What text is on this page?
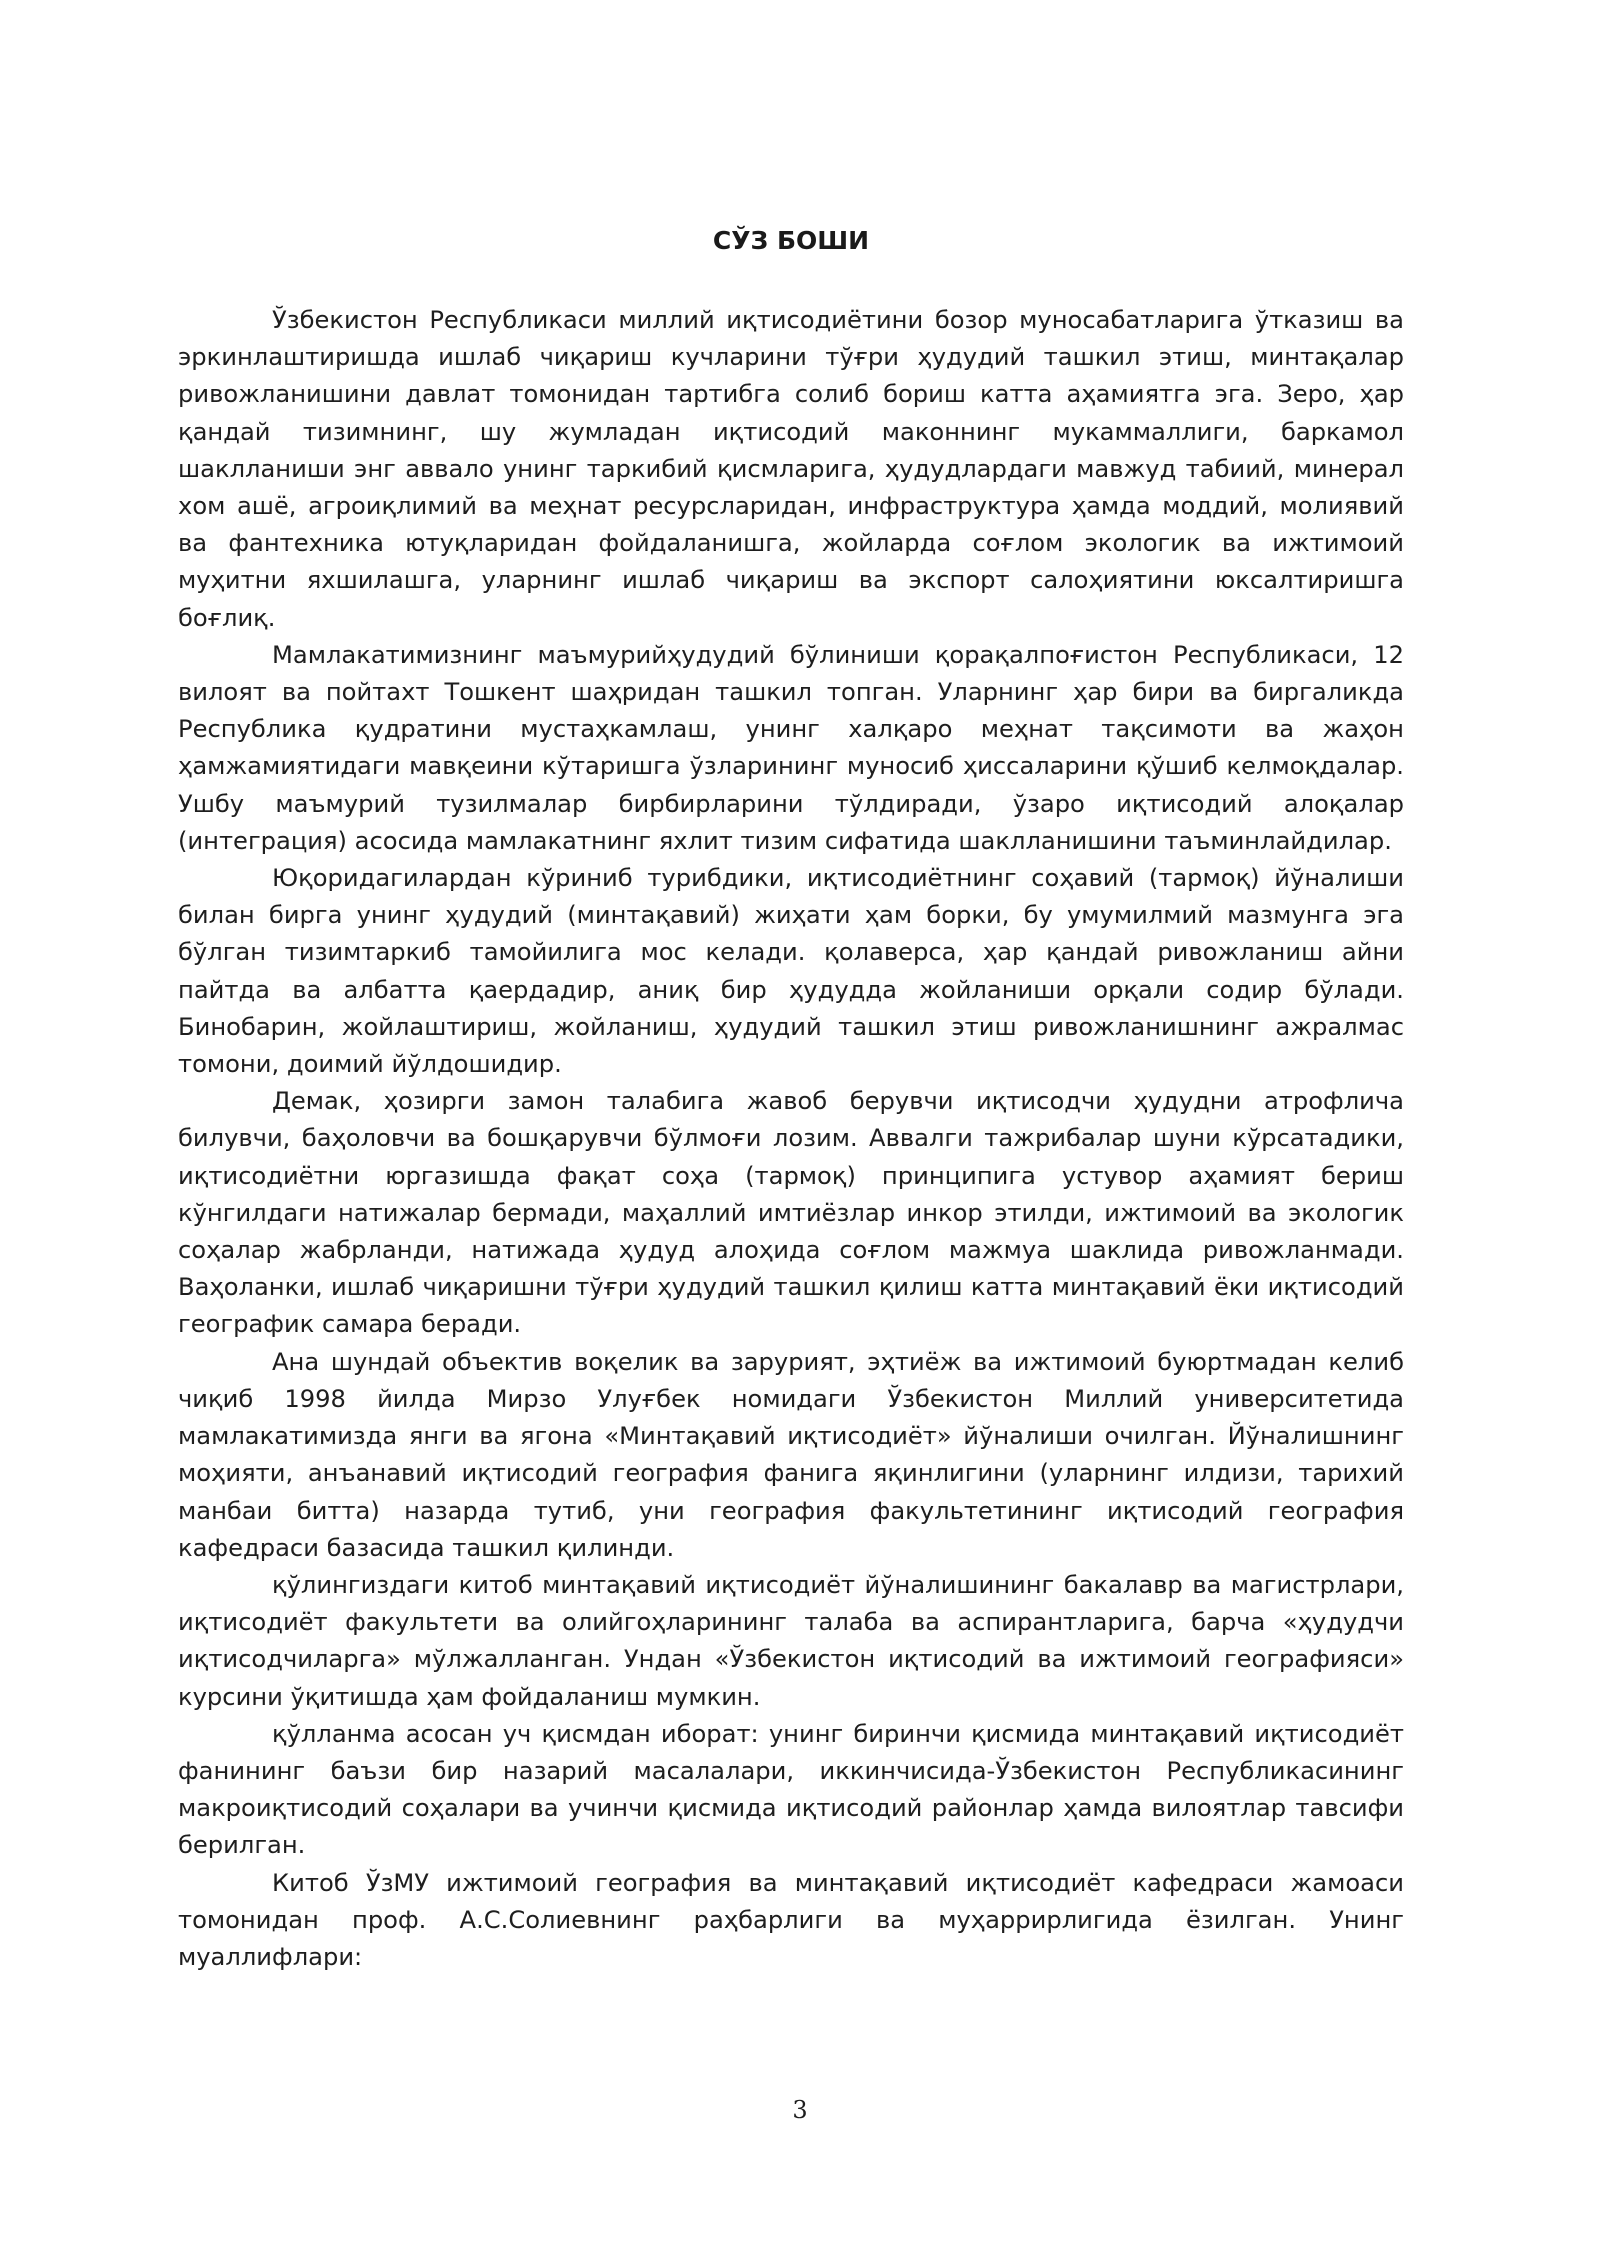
СЎЗ БОШИ

Ўзбекистон Республикаси миллий иқтисодиётини бозор муносабатларига ўтказиш ва эркинлаштиришда ишлаб чиқариш кучларини тўғри ҳудудий ташкил этиш, минтақалар ривожланишини давлат томонидан тартибга солиб бориш катта аҳамиятга эга. Зеро, ҳар қандай тизимнинг, шу жумладан иқтисодий маконнинг мукаммаллиги, баркамол шаклланиши энг аввало унинг таркибий қисмларига, ҳудудлардаги мавжуд табиий, минерал хом ашё, агроиқлимий ва меҳнат ресурсларидан, инфраструктура ҳамда моддий, молиявий ва фантехника ютуқларидан фойдаланишга, жойларда соғлом экологик ва ижтимоий муҳитни яхшилашга, уларнинг ишлаб чиқариш ва экспорт салоҳиятини юксалтиришга боғлиқ.

Мамлакатимизнинг маъмурийҳудудий бўлиниши қорақалпоғистон Республикаси, 12 вилоят ва пойтахт Тошкент шаҳридан ташкил топган. Уларнинг ҳар бири ва биргаликда Республика қудратини мустаҳкамлаш, унинг халқаро меҳнат тақсимоти ва жаҳон ҳамжамиятидаги мавқеини кўтаришга ўзларининг муносиб ҳиссаларини қўшиб келмоқдалар. Ушбу маъмурий тузилмалар бирбирларини тўлдиради, ўзаро иқтисодий алоқалар (интеграция) асосида мамлакатнинг яхлит тизим сифатида шаклланишини таъминлайдилар.

Юқоридагилардан кўриниб турибдики, иқтисодиётнинг соҳавий (тармоқ) йўналиши билан бирга унинг ҳудудий (минтақавий) жиҳати ҳам борки, бу умумилмий мазмунга эга бўлган тизимтаркиб тамойилига мос келади. қолаверса, ҳар қандай ривожланиш айни пайтда ва албатта қаердадир, аниқ бир ҳудудда жойланиши орқали содир бўлади. Бинобарин, жойлаштириш, жойланиш, ҳудудий ташкил этиш ривожланишнинг ажралмас томони, доимий йўлдошидир.

Демак, ҳозирги замон талабига жавоб берувчи иқтисодчи ҳудудни атрофлича билувчи, баҳоловчи ва бошқарувчи бўлмоғи лозим. Аввалги тажрибалар шуни кўрсатадики, иқтисодиётни юргазишда фақат соҳа (тармоқ) принципига устувор аҳамият бериш кўнгилдаги натижалар бермади, маҳаллий имтиёзлар инкор этилди, ижтимоий ва экологик соҳалар жабрланди, натижада ҳудуд алоҳида соғлом мажмуа шаклида ривожланмади. Ваҳоланки, ишлаб чиқаришни тўғри ҳудудий ташкил қилиш катта минтақавий ёки иқтисодий географик самара беради.

Ана шундай объектив воқелик ва зарурият, эҳтиёж ва ижтимоий буюртмадан келиб чиқиб 1998 йилда Мирзо Улуғбек номидаги Ўзбекистон Миллий университетида мамлакатимизда янги ва ягона «Минтақавий иқтисодиёт» йўналиши очилган. Йўналишнинг моҳияти, анъанавий иқтисодий география фанига яқинлигини (уларнинг илдизи, тарихий манбаи битта) назарда тутиб, уни география факультетининг иқтисодий география кафедраси базасида ташкил қилинди.

қўлингиздаги китоб минтақавий иқтисодиёт йўналишининг бакалавр ва магистрлари, иқтисодиёт факультети ва олийгоҳларининг талаба ва аспирантларига, барча «ҳудудчи иқтисодчиларга» мўлжалланган. Ундан «Ўзбекистон иқтисодий ва ижтимоий географияси» курсини ўқитишда ҳам фойдаланиш мумкин.

қўлланма асосан уч қисмдан иборат: унинг биринчи қисмида минтақавий иқтисодиёт фанининг баъзи бир назарий масалалари, иккинчисида-Ўзбекистон Республикасининг макроиқтисодий соҳалари ва учинчи қисмида иқтисодий районлар ҳамда вилоятлар тавсифи берилган.

Китоб ЎзМУ ижтимоий география ва минтақавий иқтисодиёт кафедраси жамоаси томонидан проф. А.С.Солиевнинг раҳбарлиги ва муҳаррирлигида ёзилган. Унинг муаллифлари:

3
